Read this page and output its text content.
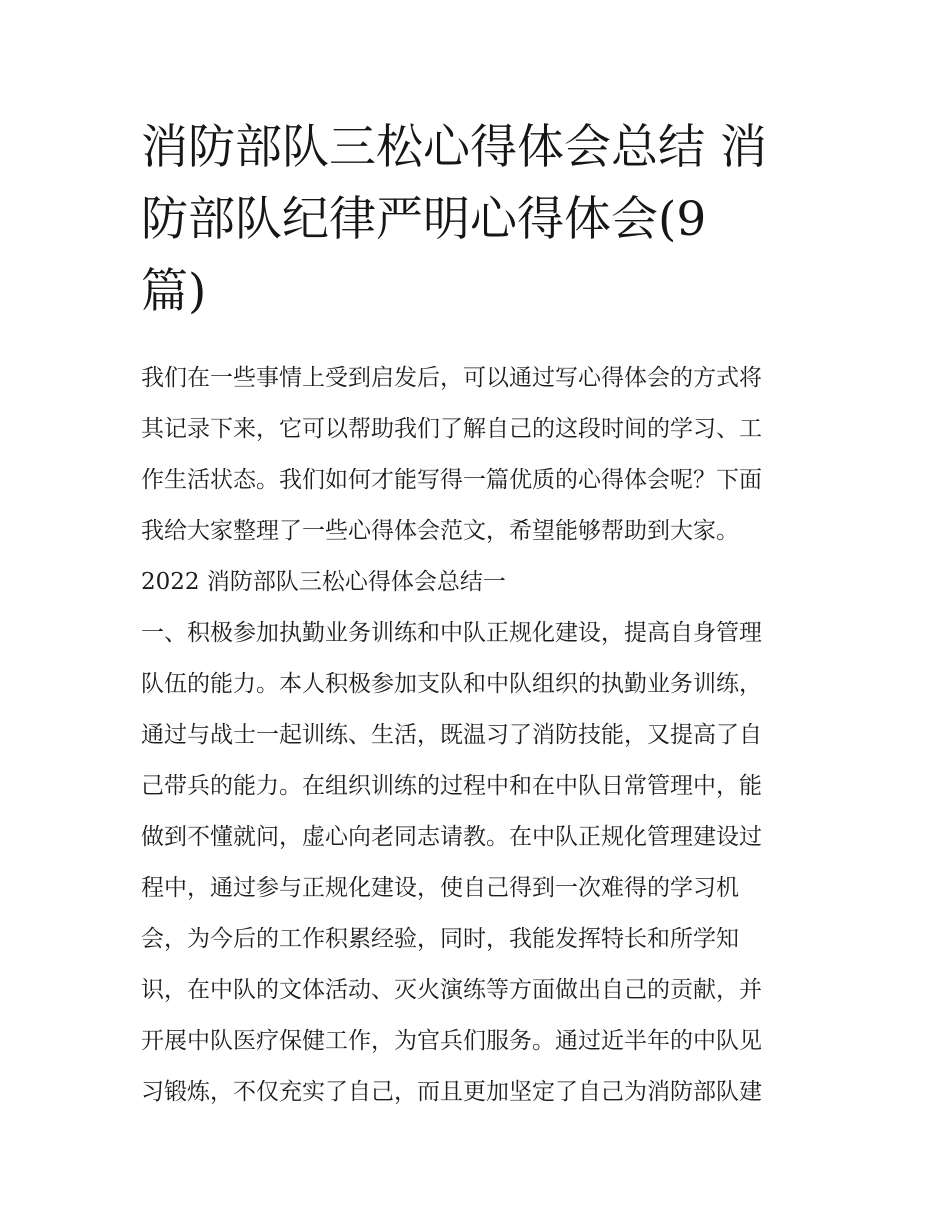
消防部队三松心得体会总结 消
防部队纪律严明心得体会(9
篇)
我们在一些事情上受到启发后，可以通过写心得体会的方式将
其记录下来，它可以帮助我们了解自己的这段时间的学习、工
作生活状态。我们如何才能写得一篇优质的心得体会呢？下面
我给大家整理了一些心得体会范文，希望能够帮助到大家。
2022 消防部队三松心得体会总结一
一、积极参加执勤业务训练和中队正规化建设，提高自身管理
队伍的能力。本人积极参加支队和中队组织的执勤业务训练，
通过与战士一起训练、生活，既温习了消防技能，又提高了自
己带兵的能力。在组织训练的过程中和在中队日常管理中，能
做到不懂就问，虚心向老同志请教。在中队正规化管理建设过
程中，通过参与正规化建设，使自己得到一次难得的学习机
会，为今后的工作积累经验，同时，我能发挥特长和所学知
识，在中队的文体活动、灭火演练等方面做出自己的贡献，并
开展中队医疗保健工作，为官兵们服务。通过近半年的中队见
习锻炼，不仅充实了自己，而且更加坚定了自己为消防部队建
